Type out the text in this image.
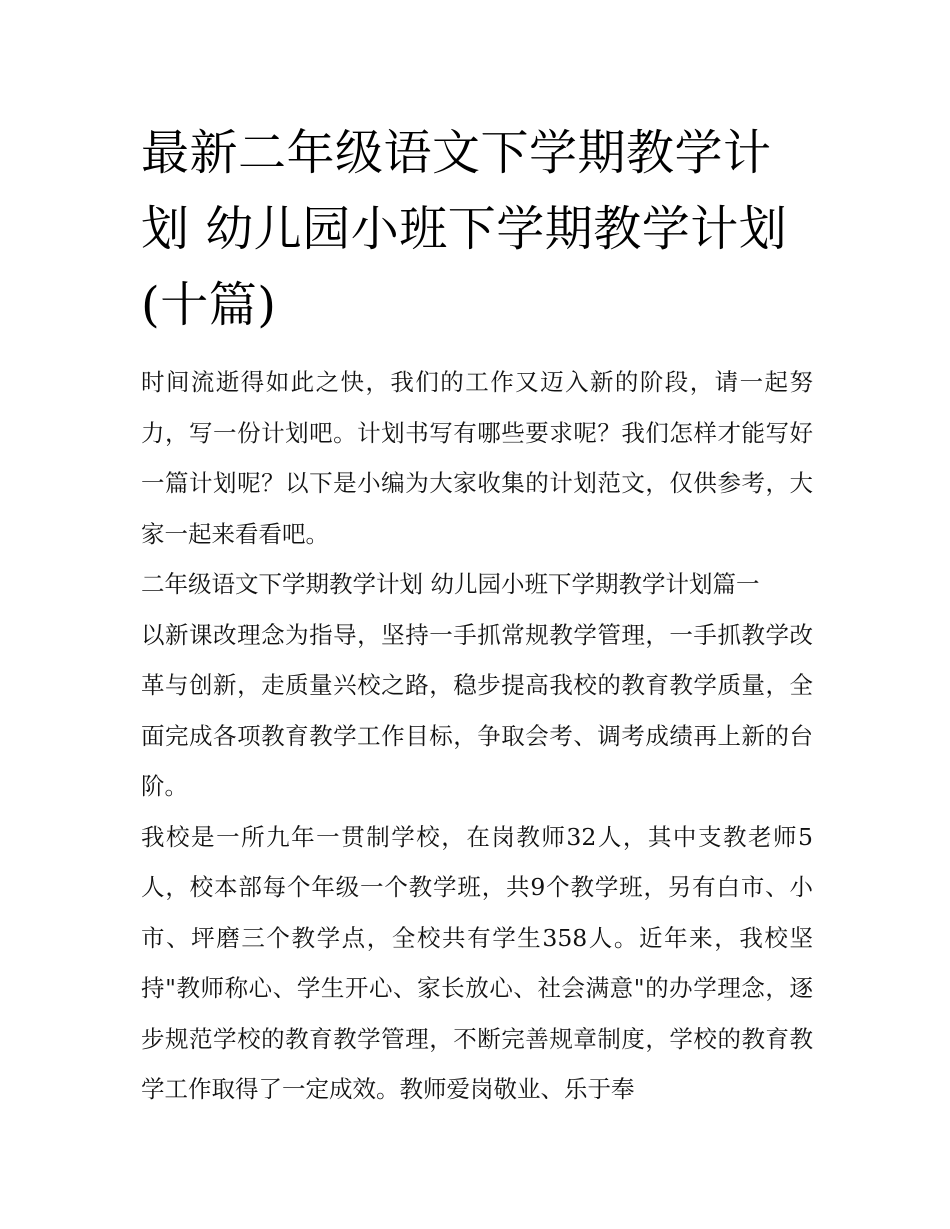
最新二年级语文下学期教学计划 幼儿园小班下学期教学计划(十篇)

时间流逝得如此之快，我们的工作又迈入新的阶段，请一起努力，写一份计划吧。计划书写有哪些要求呢？我们怎样才能写好一篇计划呢？以下是小编为大家收集的计划范文，仅供参考，大家一起来看看吧。

二年级语文下学期教学计划 幼儿园小班下学期教学计划篇一

以新课改理念为指导，坚持一手抓常规教学管理，一手抓教学改革与创新，走质量兴校之路，稳步提高我校的教育教学质量，全面完成各项教育教学工作目标，争取会考、调考成绩再上新的台阶。

我校是一所九年一贯制学校，在岗教师32人，其中支教老师5人，校本部每个年级一个教学班，共9个教学班，另有白市、小市、坪磨三个教学点，全校共有学生358人。近年来，我校坚持"教师称心、学生开心、家长放心、社会满意"的办学理念，逐步规范学校的教育教学管理，不断完善规章制度，学校的教育教学工作取得了一定成效。教师爱岗敬业、乐于奉
